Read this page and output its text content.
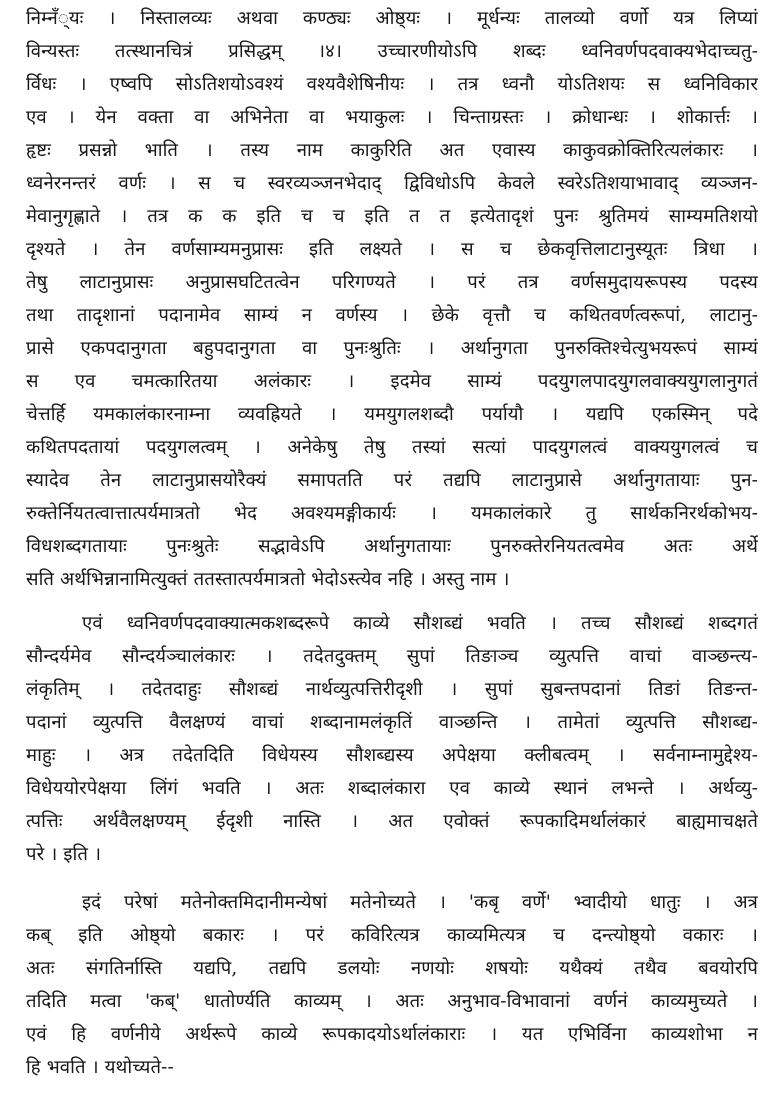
निम्नँ्यः । निस्तालव्यः अथवा कण्ठ्यः ओष्ठ्यः । मूर्धन्यः तालव्यो वर्णो यत्र लिप्यां
विन्यस्तः तत्स्थानचित्रं प्रसिद्धम् ।४। उच्चारणीयोऽपि शब्दः ध्वनिवर्णपदवाक्यभेदाच्चतु-
र्विधः । एष्वपि सोऽतिशयोऽवश्यं वश्यवैशेषिनीयः । तत्र ध्वनौ योऽतिशयः स ध्वनिविकार
एव । येन वक्ता वा अभिनेता वा भयाकुलः । चिन्ताग्रस्तः । क्रोधान्धः । शोकार्त्तः ।
हृष्टः प्रसन्नो भाति । तस्य नाम काकुरिति अत एवास्य काकुवक्रोक्तिरित्यलंकारः ।
ध्वनेरनन्तरं वर्णः । स च स्वरव्यञ्जनभेदाद् द्विविधोऽपि केवले स्वरेऽतिशयाभावाद् व्यञ्जन-
मेवानुगृह्णाते । तत्र क क इति च च इति त त इत्येतादृशं पुनः श्रुतिमयं साम्यमतिशयो
दृश्यते । तेन वर्णसाम्यमनुप्रासः इति लक्ष्यते । स च छेकवृत्तिलाटानुस्यूतः त्रिधा ।
तेषु लाटानुप्रासः अनुप्रासघटितत्वेन परिगण्यते । परं तत्र वर्णसमुदायरूपस्य पदस्य
तथा तादृशानां पदानामेव साम्यं न वर्णस्य । छेके वृत्तौ च कथितवर्णत्वरूपां, लाटानु-
प्रासे एकपदानुगता बहुपदानुगता वा पुनःश्रुतिः । अर्थानुगता पुनरुक्तिश्चेत्युभयरूपं साम्यं
स एव चमत्कारितया अलंकारः । इदमेव साम्यं पदयुगलपादयुगलवाक्ययुगलानुगतं
चेत्तर्हि यमकालंकारनाम्ना व्यवह्रियते । यमयुगलशब्दौ पर्यायौ । यद्यपि एकस्मिन् पदे
कथितपदतायां पदयुगलत्वम् । अनेकेषु तेषु तस्यां सत्यां पादयुगलत्वं वाक्ययुगलत्वं च
स्यादेव तेन लाटानुप्रासयोरैक्यं समापतति परं तद्यपि लाटानुप्रासे अर्थानुगतायाः पुन-
रुक्तेर्नियतत्वात्तात्पर्यमात्रतो भेद अवश्यमङ्गीकार्यः । यमकालंकारे तु सार्थकनिरर्थकोभय-
विधशब्दगतायाः पुनःश्रुतेः सद्भावेऽपि अर्थानुगतायाः पुनरुक्तेरनियतत्वमेव अतः अर्थे
सति अर्थभिन्नानामित्युक्तं ततस्तात्पर्यमात्रतो भेदोऽस्त्येव नहि । अस्तु नाम ।
एवं ध्वनिवर्णपदवाक्यात्मकशब्दरूपे काव्ये सौशब्द्यं भवति । तच्च सौशब्द्यं शब्दगतं
सौन्दर्यमेव सौन्दर्यञ्चालंकारः । तदेतदुक्तम् सुपां तिङाञ्च व्युत्पत्ति वाचां वाञ्छन्त्य-
लंकृतिम् । तदेतदाहुः सौशब्द्यं नार्थव्युत्पत्तिरीदृशी । सुपां सुबन्तपदानां तिङां तिङन्त-
पदानां व्युत्पत्ति वैलक्षण्यं वाचां शब्दानामलंकृतिं वाञ्छन्ति । तामेतां व्युत्पत्ति सौशब्द्य-
माहुः । अत्र तदेतदिति विधेयस्य सौशब्द्यस्य अपेक्षया क्लीबत्वम् । सर्वनाम्नामुद्देश्य-
विधेययोरपेक्षया लिंगं भवति । अतः शब्दालंकारा एव काव्ये स्थानं लभन्ते । अर्थव्यु-
त्पत्तिः अर्थवैलक्षण्यम् ईदृशी नास्ति । अत एवोक्तं रूपकादिमर्थालंकारं बाह्यमाचक्षते
परे । इति ।
इदं परेषां मतेनोक्तमिदानीमन्येषां मतेनोच्यते । 'कबृ वर्णे' भ्वादीयो धातुः । अत्र
कब् इति ओष्ठ्यो बकारः । परं कविरित्यत्र काव्यमित्यत्र च दन्त्योष्ठ्यो वकारः ।
अतः संगतिर्नास्ति यद्यपि, तद्यपि डलयोः नणयोः शषयोः यथैक्यं तथैव बवयोरपि
तदिति मत्वा 'कब्' धातोर्ण्यति काव्यम् । अतः अनुभाव-विभावानां वर्णनं काव्यमुच्यते ।
एवं हि वर्णनीये अर्थरूपे काव्ये रूपकादयोऽर्थालंकाराः । यत एभिर्विना काव्यशोभा न
हि भवति । यथोच्यते--
